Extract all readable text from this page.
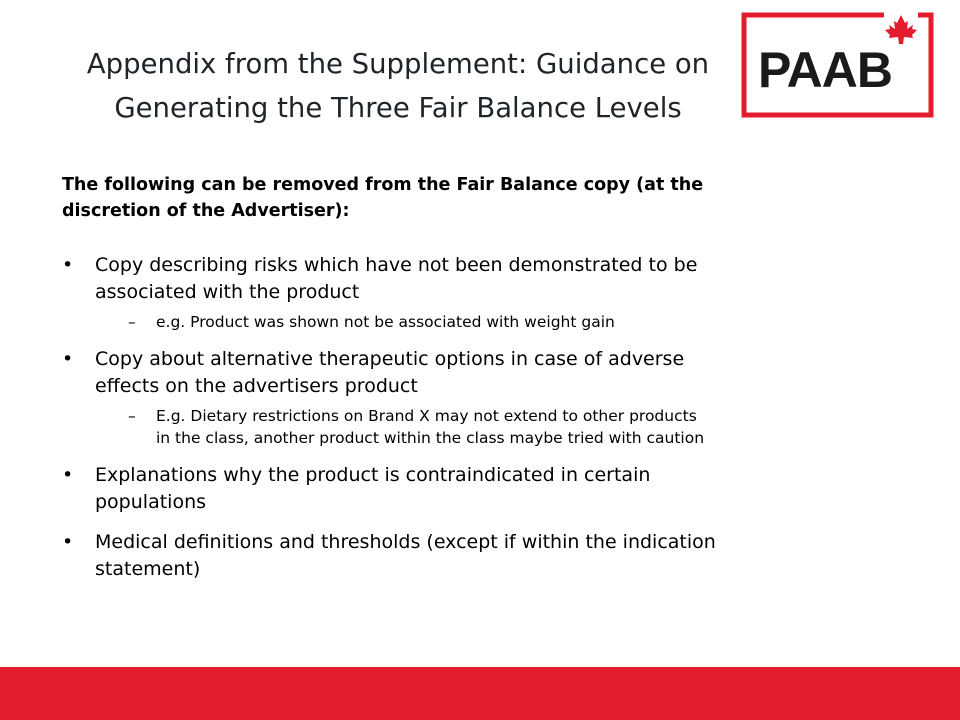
Appendix from the Supplement: Guidance on
Generating the Three Fair Balance Levels
PAAB

The following can be removed from the Fair Balance copy (at the
discretion of the Advertiser):

• Copy describing risks which have not been demonstrated to be
associated with the product
– e.g. Product was shown not be associated with weight gain
• Copy about alternative therapeutic options in case of adverse
effects on the advertisers product
– E.g. Dietary restrictions on Brand X may not extend to other products
in the class, another product within the class maybe tried with caution
• Explanations why the product is contraindicated in certain
populations
• Medical definitions and thresholds (except if within the indication
statement)
